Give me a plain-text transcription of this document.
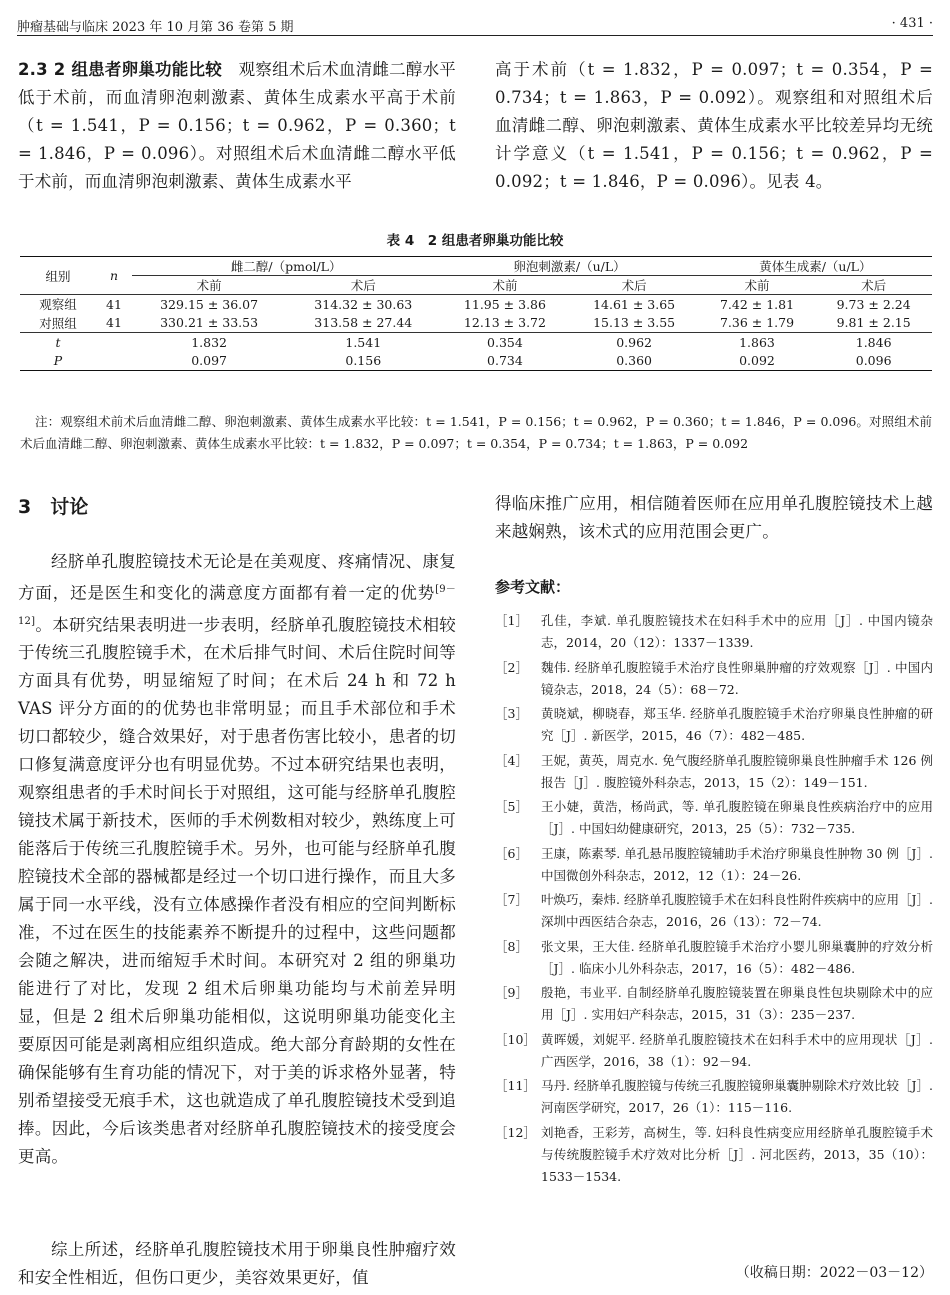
肿瘤基础与临床 2023 年 10 月第 36 卷第 5 期	· 431 ·
2.3 2 组患者卵巢功能比较　 观察组术后术血清雌二醇水平低于术前，而血清卵泡刺激素、黄体生成素水平高于术前（t = 1.541，P = 0.156；t = 0.962，P = 0.360；t = 1.846，P = 0.096）。对照组术后术血清雌二醇水平低于术前，而血清卵泡刺激素、黄体生成素水平
高于术前（t = 1.832，P = 0.097；t = 0.354，P = 0.734；t = 1.863，P = 0.092）。观察组和对照组术后血清雌二醇、卵泡刺激素、黄体生成素水平比较差异均无统计学意义（t = 1.541，P = 0.156；t = 0.962，P = 0.092；t = 1.846，P = 0.096）。见表 4。
表 4　2 组患者卵巢功能比较
组别	n	雌二醇/（pmol/L）		卵泡刺激素/（u/L）		黄体生成素/（u/L）	
		术前	术后	术前	术后	术前	术后
观察组	41	329.15 ± 36.07	314.32 ± 30.63	11.95 ± 3.86	14.61 ± 3.65	7.42 ± 1.81	9.73 ± 2.24
对照组	41	330.21 ± 33.53	313.58 ± 27.44	12.13 ± 3.72	15.13 ± 3.55	7.36 ± 1.79	9.81 ± 2.15
t		1.832	1.541	0.354	0.962	1.863	1.846
P		0.097	0.156	0.734	0.360	0.092	0.096
注：观察组术前术后血清雌二醇、卵泡刺激素、黄体生成素水平比较：t = 1.541，P = 0.156；t = 0.962，P = 0.360；t = 1.846，P = 0.096。对照组术前术后血清雌二醇、卵泡刺激素、黄体生成素水平比较：t = 1.832，P = 0.097；t = 0.354，P = 0.734；t = 1.863，P = 0.092
3　讨论
经脐单孔腹腔镜技术无论是在美观度、疼痛情况、康复方面，还是医生和变化的满意度方面都有着一定的优势[9－12]。本研究结果表明进一步表明，经脐单孔腹腔镜技术相较于传统三孔腹腔镜手术，在术后排气时间、术后住院时间等方面具有优势，明显缩短了时间；在术后 24 h 和 72 h VAS 评分方面的的优势也非常明显；而且手术部位和手术切口都较少，缝合效果好，对于患者伤害比较小，患者的切口修复满意度评分也有明显优势。不过本研究结果也表明，观察组患者的手术时间长于对照组，这可能与经脐单孔腹腔镜技术属于新技术，医师的手术例数相对较少，熟练度上可能落后于传统三孔腹腔镜手术。另外，也可能与经脐单孔腹腔镜技术全部的器械都是经过一个切口进行操作，而且大多属于同一水平线，没有立体感操作者没有相应的空间判断标准，不过在医生的技能素养不断提升的过程中，这些问题都会随之解决，进而缩短手术时间。本研究对 2 组的卵巢功能进行了对比，发现 2 组术后卵巢功能均与术前差异明显，但是 2 组术后卵巢功能相似，这说明卵巢功能变化主要原因可能是剥离相应组织造成。绝大部分育龄期的女性在确保能够有生育功能的情况下，对于美的诉求格外显著，特别希望接受无痕手术，这也就造成了单孔腹腔镜技术受到追捧。因此，今后该类患者对经脐单孔腹腔镜技术的接受度会更高。
综上所述，经脐单孔腹腔镜技术用于卵巢良性肿瘤疗效和安全性相近，但伤口更少，美容效果更好，值
得临床推广应用，相信随着医师在应用单孔腹腔镜技术上越来越娴熟，该术式的应用范围会更广。
参考文献：
［1］	孔佳，李斌. 单孔腹腔镜技术在妇科手术中的应用［J］. 中国内镜杂志，2014，20（12）：1337－1339.
［2］	魏伟. 经脐单孔腹腔镜手术治疗良性卵巢肿瘤的疗效观察［J］. 中国内镜杂志，2018，24（5）：68－72.
［3］	黄晓斌，柳晓春，郑玉华. 经脐单孔腹腔镜手术治疗卵巢良性肿瘤的研究［J］. 新医学，2015，46（7）：482－485.
［4］	王妮，黄英，周克水. 免气腹经脐单孔腹腔镜卵巢良性肿瘤手术 126 例报告［J］. 腹腔镜外科杂志，2013，15（2）：149－151.
［5］	王小婕，黄浩，杨尚武，等. 单孔腹腔镜在卵巢良性疾病治疗中的应用［J］. 中国妇幼健康研究，2013，25（5）：732－735.
［6］	王康，陈素琴. 单孔悬吊腹腔镜辅助手术治疗卵巢良性肿物 30 例［J］. 中国微创外科杂志，2012，12（1）：24－26.
［7］	叶焕巧，秦炜. 经脐单孔腹腔镜手术在妇科良性附件疾病中的应用［J］. 深圳中西医结合杂志，2016，26（13）：72－74.
［8］	张文果，王大佳. 经脐单孔腹腔镜手术治疗小婴儿卵巢囊肿的疗效分析［J］. 临床小儿外科杂志，2017，16（5）：482－486.
［9］	殷艳，韦业平. 自制经脐单孔腹腔镜装置在卵巢良性包块剔除术中的应用［J］. 实用妇产科杂志，2015，31（3）：235－237.
［10］ 黄晖媛，刘妮平. 经脐单孔腹腔镜技术在妇科手术中的应用现状［J］. 广西医学，2016，38（1）：92－94.
［11］ 马丹. 经脐单孔腹腔镜与传统三孔腹腔镜卵巢囊肿剔除术疗效比较［J］. 河南医学研究，2017，26（1）：115－116.
［12］ 刘艳香，王彩芳，高树生，等. 妇科良性病变应用经脐单孔腹腔镜手术与传统腹腔镜手术疗效对比分析［J］. 河北医药，2013，35（10）：1533－1534.
（收稿日期：2022－03－12）
